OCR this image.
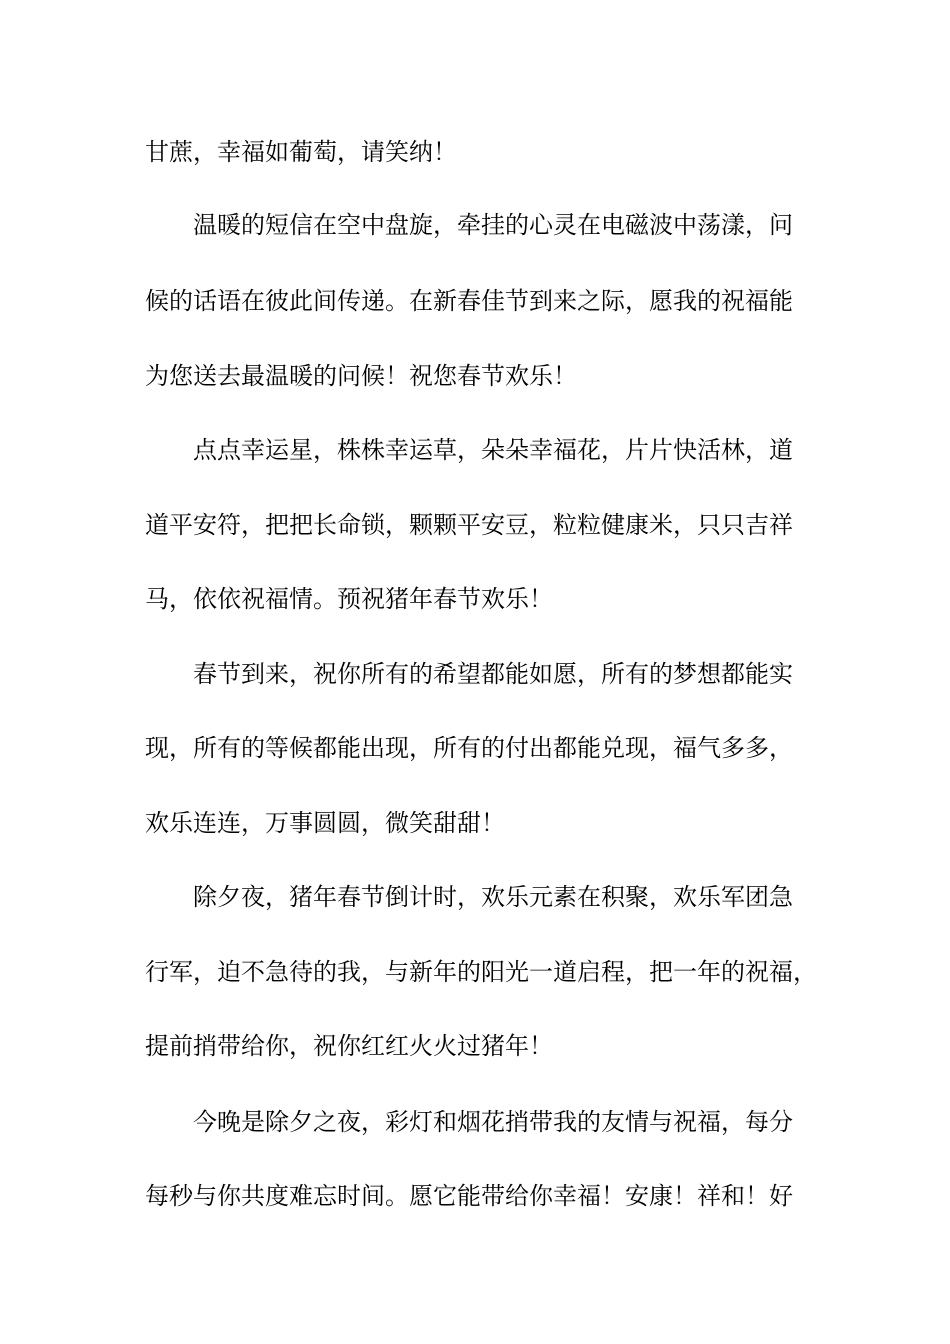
甘蔗，幸福如葡萄，请笑纳！
温暖的短信在空中盘旋，牵挂的心灵在电磁波中荡漾，问
候的话语在彼此间传递。在新春佳节到来之际，愿我的祝福能
为您送去最温暖的问候！祝您春节欢乐！
点点幸运星，株株幸运草，朵朵幸福花，片片快活林，道
道平安符，把把长命锁，颗颗平安豆，粒粒健康米，只只吉祥
马，依依祝福情。预祝猪年春节欢乐！
春节到来，祝你所有的希望都能如愿，所有的梦想都能实
现，所有的等候都能出现，所有的付出都能兑现，福气多多，
欢乐连连，万事圆圆，微笑甜甜！
除夕夜，猪年春节倒计时，欢乐元素在积聚，欢乐军团急
行军，迫不急待的我，与新年的阳光一道启程，把一年的祝福，
提前捎带给你，祝你红红火火过猪年！
今晚是除夕之夜，彩灯和烟花捎带我的友情与祝福，每分
每秒与你共度难忘时间。愿它能带给你幸福！安康！祥和！好
